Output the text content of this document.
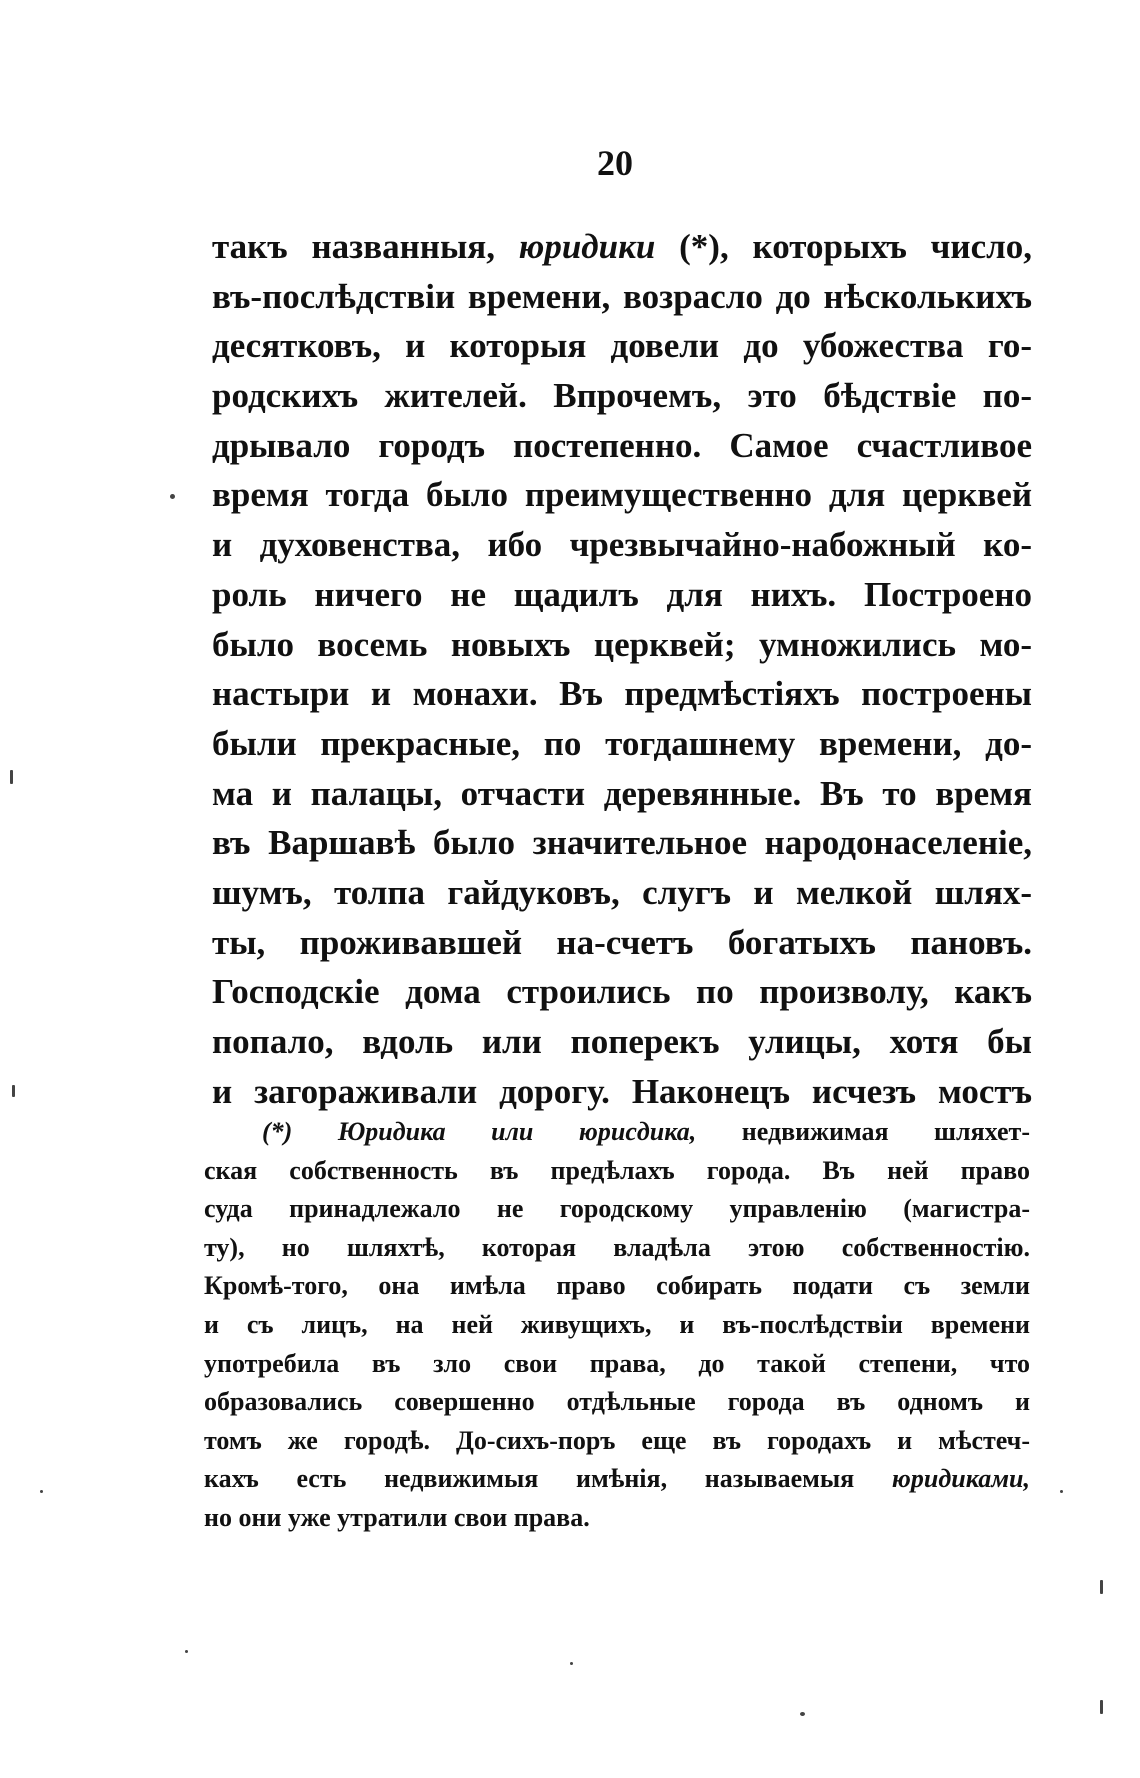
20
такъ названныя, юридики (*), которыхъ число,
въ-послѣдствіи времени, возрасло до нѣсколькихъ
десятковъ, и которыя довели до убожества го-
родскихъ жителей. Впрочемъ, это бѣдствіе по-
дрывало городъ постепенно. Самое счастливое
время тогда было преимущественно для церквей
и духовенства, ибо чрезвычайно-набожный ко-
роль ничего не щадилъ для нихъ. Построено
было восемь новыхъ церквей; умножились мо-
настыри и монахи. Въ предмѣстіяхъ построены
были прекрасные, по тогдашнему времени, до-
ма и палацы, отчасти деревянные. Въ то время
въ Варшавѣ было значительное народонаселеніе,
шумъ, толпа гайдуковъ, слугъ и мелкой шлях-
ты, проживавшей на-счетъ богатыхъ пановъ.
Господскіе дома строились по произволу, какъ
попало, вдоль или поперекъ улицы, хотя бы
и загораживали дорогу. Наконецъ исчезъ мостъ
(*) Юридика или юрисдика, недвижимая шляхет-
ская собственность въ предѣлахъ города. Въ ней право
суда принадлежало не городскому управленію (магистра-
ту), но шляхтѣ, которая владѣла этою собственностію.
Кромѣ-того, она имѣла право собирать подати съ земли
и съ лицъ, на ней живущихъ, и въ-послѣдствіи времени
употребила въ зло свои права, до такой степени, что
образовались совершенно отдѣльные города въ одномъ и
томъ же городѣ. До-сихъ-поръ еще въ городахъ и мѣстеч-
кахъ есть недвижимыя имѣнія, называемыя юридиками,
но они уже утратили свои права.
